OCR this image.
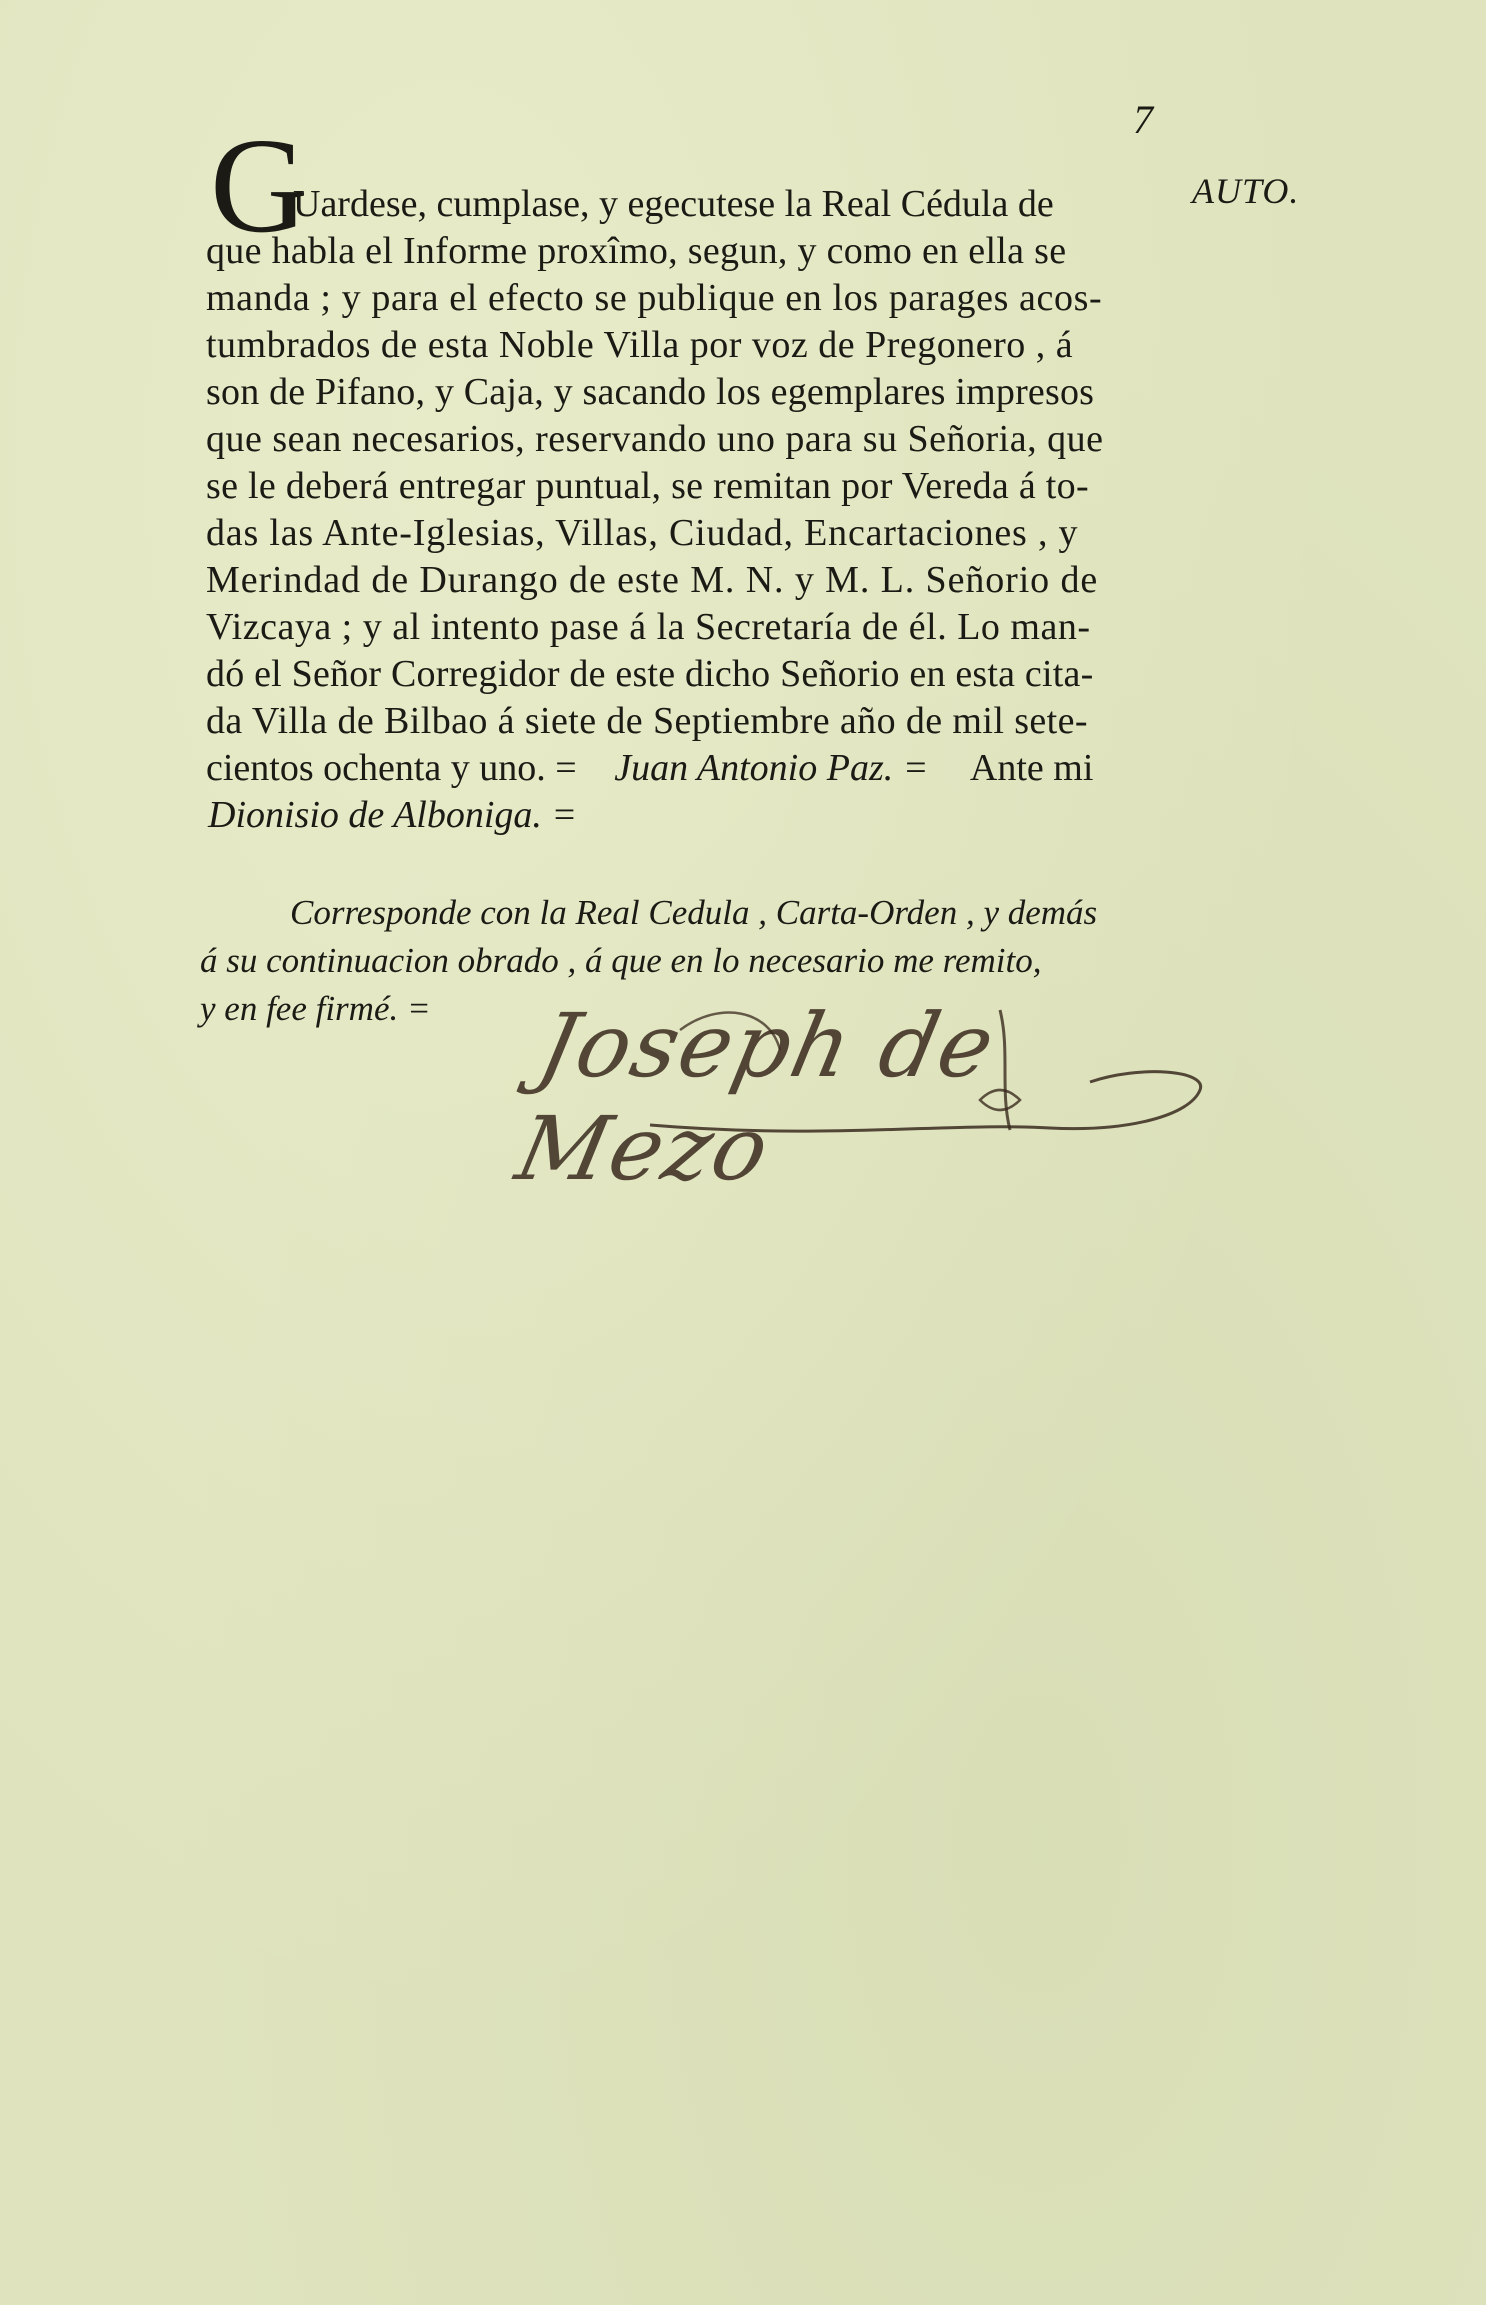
7
AUTO.
G
Uardese, cumplase, y egecutese la Real Cédula de
que habla el Informe proxîmo, segun, y como en ella se
manda ; y para el efecto se publique en los parages acos-
tumbrados de esta Noble Villa por voz de Pregonero , á
son de Pifano, y Caja, y sacando los egemplares impresos
que sean necesarios, reservando uno para su Señoria, que
se le deberá entregar puntual, se remitan por Vereda á to-
das las Ante-Iglesias, Villas, Ciudad, Encartaciones , y
Merindad de Durango de este M. N. y M. L. Señorio de
Vizcaya ; y al intento pase á la Secretaría de él. Lo man-
dó el Señor Corregidor de este dicho Señorio en esta cita-
da Villa de Bilbao á siete de Septiembre año de mil sete-
cientos ochenta y uno. = Juan Antonio Paz. = Ante mi
Dionisio de Alboniga. =
Corresponde con la Real Cedula , Carta-Orden , y demás
á su continuacion obrado , á que en lo necesario me remito,
y en fee firmé. = Joseph de Mezo
